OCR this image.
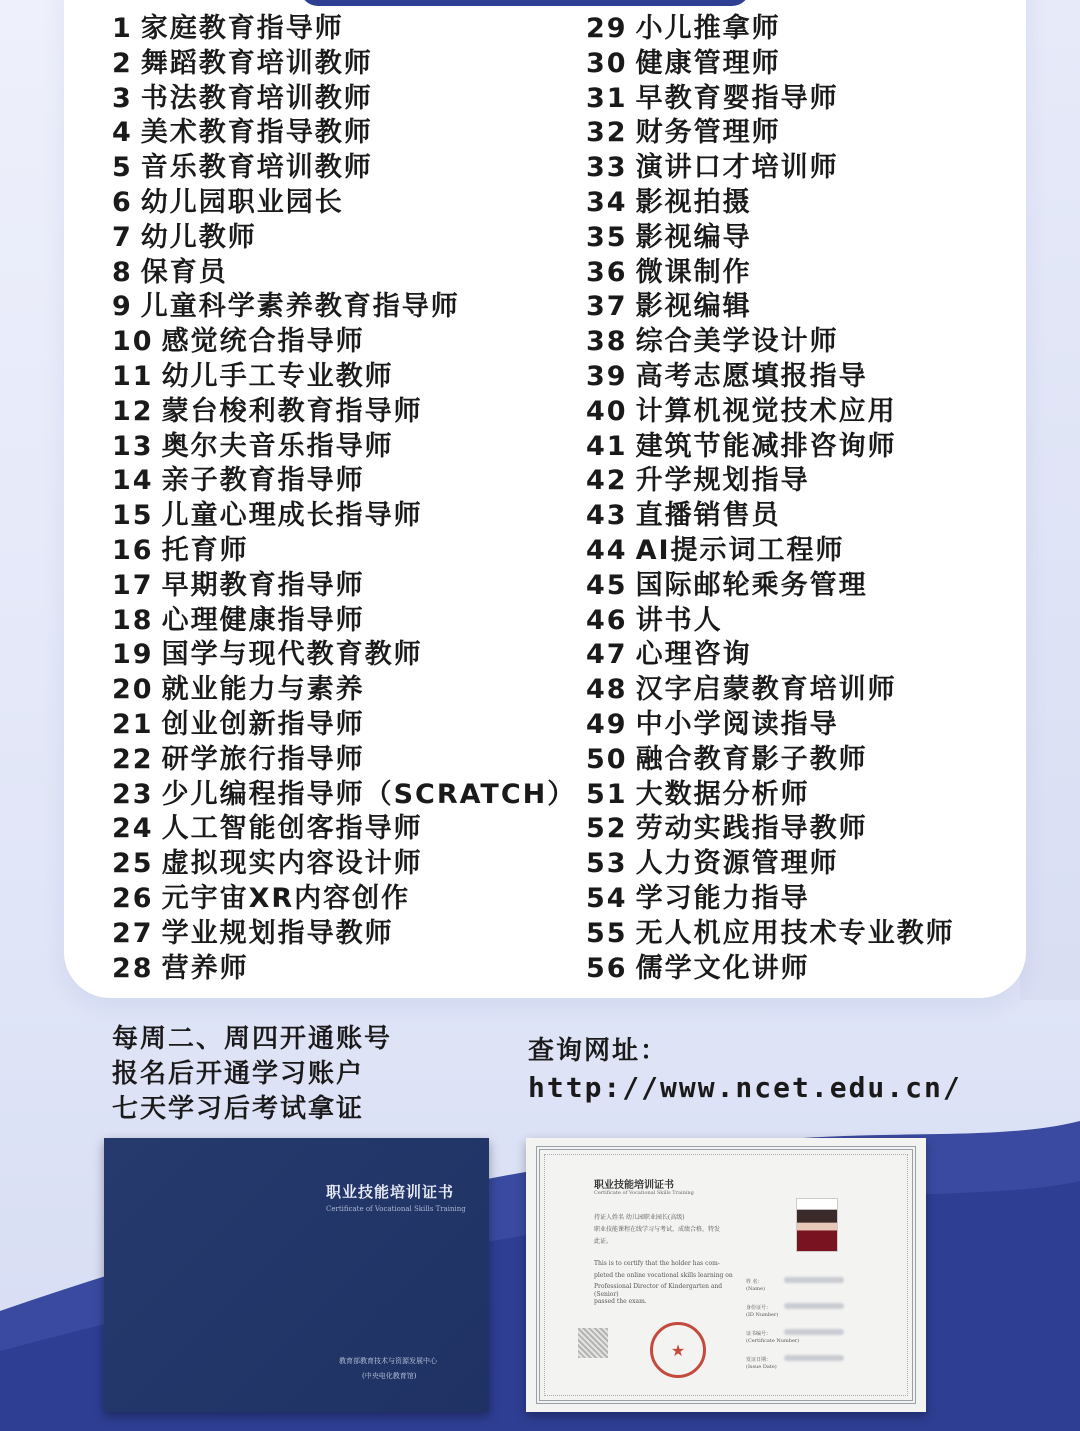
1 家庭教育指导师
2 舞蹈教育培训教师
3 书法教育培训教师
4 美术教育指导教师
5 音乐教育培训教师
6 幼儿园职业园长
7 幼儿教师
8 保育员
9 儿童科学素养教育指导师
10 感觉统合指导师
11 幼儿手工专业教师
12 蒙台梭利教育指导师
13 奥尔夫音乐指导师
14 亲子教育指导师
15 儿童心理成长指导师
16 托育师
17 早期教育指导师
18 心理健康指导师
19 国学与现代教育教师
20 就业能力与素养
21 创业创新指导师
22 研学旅行指导师
23 少儿编程指导师（SCRATCH）
24 人工智能创客指导师
25 虚拟现实内容设计师
26 元宇宙XR内容创作
27 学业规划指导教师
28 营养师
29 小儿推拿师
30 健康管理师
31 早教育婴指导师
32 财务管理师
33 演讲口才培训师
34 影视拍摄
35 影视编导
36 微课制作
37 影视编辑
38 综合美学设计师
39 高考志愿填报指导
40 计算机视觉技术应用
41 建筑节能减排咨询师
42 升学规划指导
43 直播销售员
44 AI提示词工程师
45 国际邮轮乘务管理
46 讲书人
47 心理咨询
48 汉字启蒙教育培训师
49 中小学阅读指导
50 融合教育影子教师
51 大数据分析师
52 劳动实践指导教师
53 人力资源管理师
54 学习能力指导
55 无人机应用技术专业教师
56 儒学文化讲师
每周二、周四开通账号
报名后开通学习账户
七天学习后考试拿证
查询网址：
http://www.ncet.edu.cn/
职业技能培训证书
Certificate of Vocational Skills Training
教育部教育技术与资源发展中心
(中央电化教育馆)
职业技能培训证书
Certificate of Vocational Skills Training
持证人姓名 幼儿园职业园长(高级)
职业技能课程在线学习与考试，成绩合格，特发
此证。
This is to certify that the holder has com-
pleted the online vocational skills learning on
Professional Director of Kindergarten and
(Senior)
passed the exam.
姓 名：
(Name)
身份证号：
(ID Number)
证书编号：
(Certificate Number)
发证日期：
(Issue Date)
★
